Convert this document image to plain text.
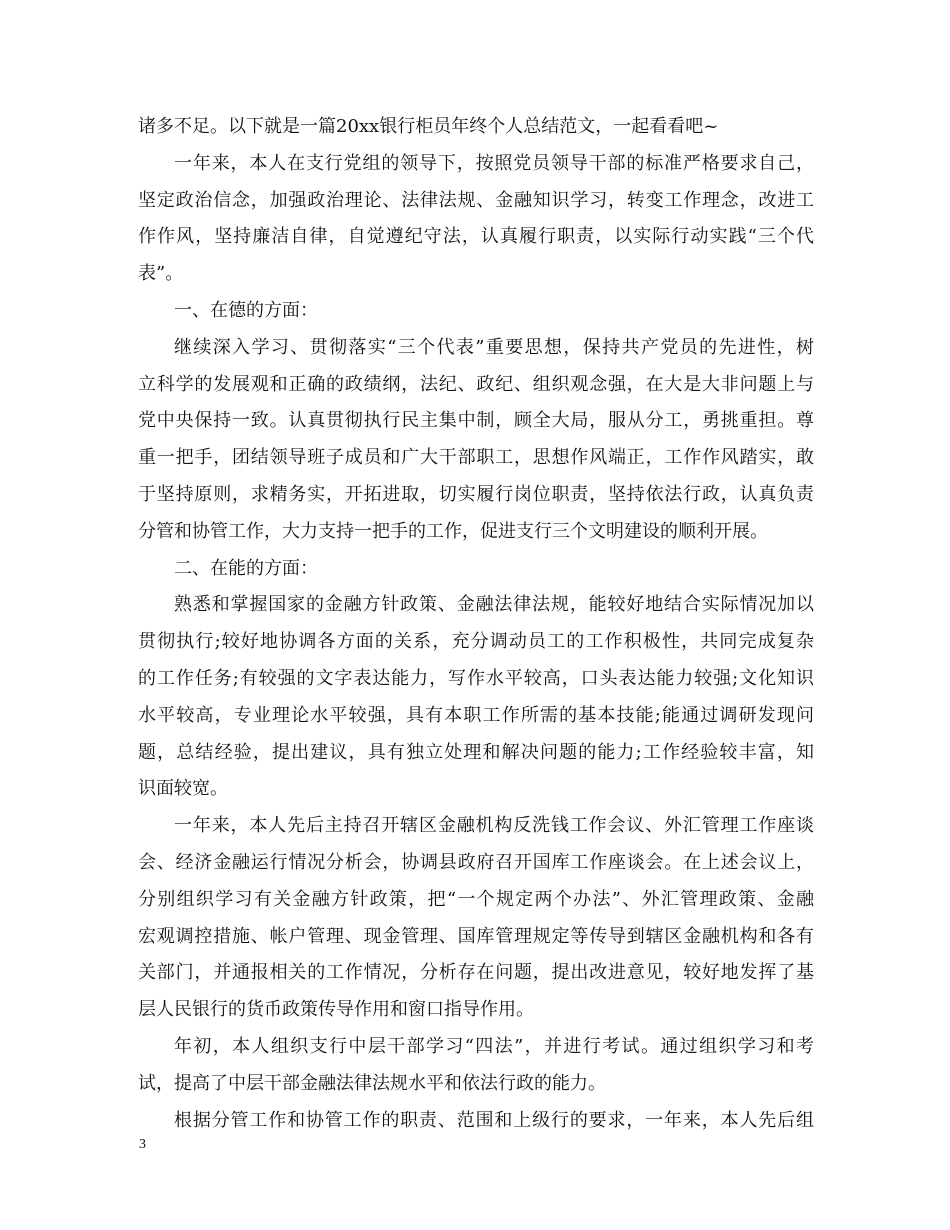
诸多不足。以下就是一篇20xx银行柜员年终个人总结范文，一起看看吧~
一年来，本人在支行党组的领导下，按照党员领导干部的标准严格要求自己，
坚定政治信念，加强政治理论、法律法规、金融知识学习，转变工作理念，改进工
作作风，坚持廉洁自律，自觉遵纪守法，认真履行职责，以实际行动实践“三个代
表”。
一、在德的方面：
继续深入学习、贯彻落实“三个代表”重要思想，保持共产党员的先进性，树
立科学的发展观和正确的政绩纲，法纪、政纪、组织观念强，在大是大非问题上与
党中央保持一致。认真贯彻执行民主集中制，顾全大局，服从分工，勇挑重担。尊
重一把手，团结领导班子成员和广大干部职工，思想作风端正，工作作风踏实，敢
于坚持原则，求精务实，开拓进取，切实履行岗位职责，坚持依法行政，认真负责
分管和协管工作，大力支持一把手的工作，促进支行三个文明建设的顺利开展。
二、在能的方面：
熟悉和掌握国家的金融方针政策、金融法律法规，能较好地结合实际情况加以
贯彻执行;较好地协调各方面的关系，充分调动员工的工作积极性，共同完成复杂
的工作任务;有较强的文字表达能力，写作水平较高，口头表达能力较强;文化知识
水平较高，专业理论水平较强，具有本职工作所需的基本技能;能通过调研发现问
题，总结经验，提出建议，具有独立处理和解决问题的能力;工作经验较丰富，知
识面较宽。
一年来，本人先后主持召开辖区金融机构反洗钱工作会议、外汇管理工作座谈
会、经济金融运行情况分析会，协调县政府召开国库工作座谈会。在上述会议上，
分别组织学习有关金融方针政策，把“一个规定两个办法”、外汇管理政策、金融
宏观调控措施、帐户管理、现金管理、国库管理规定等传导到辖区金融机构和各有
关部门，并通报相关的工作情况，分析存在问题，提出改进意见，较好地发挥了基
层人民银行的货币政策传导作用和窗口指导作用。
年初，本人组织支行中层干部学习“四法”，并进行考试。通过组织学习和考
试，提高了中层干部金融法律法规水平和依法行政的能力。
根据分管工作和协管工作的职责、范围和上级行的要求，一年来，本人先后组
3
